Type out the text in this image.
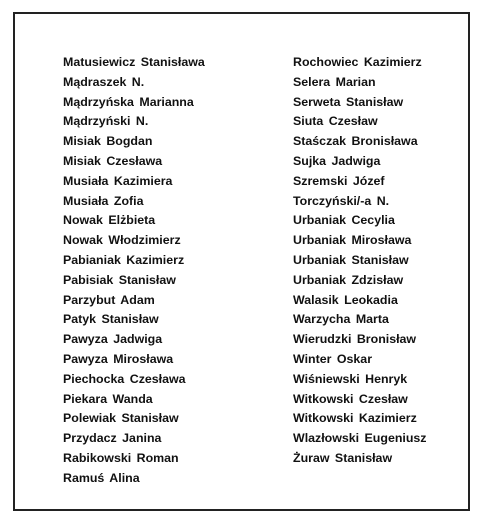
Matusiewicz Stanisława
Mądraszek N.
Mądrzyńska Marianna
Mądrzyński N.
Misiak Bogdan
Misiak Czesława
Musiała Kazimiera
Musiała Zofia
Nowak Elżbieta
Nowak Włodzimierz
Pabianiak Kazimierz
Pabisiak Stanisław
Parzybut Adam
Patyk Stanisław
Pawyza Jadwiga
Pawyza Mirosława
Piechocka Czesława
Piekara Wanda
Polewiak Stanisław
Przydacz Janina
Rabikowski Roman
Ramuś Alina
Rochowiec Kazimierz
Selera Marian
Serweta Stanisław
Siuta Czesław
Staśczak Bronisława
Sujka Jadwiga
Szremski Józef
Torczyński/-a N.
Urbaniak Cecylia
Urbaniak Mirosława
Urbaniak Stanisław
Urbaniak Zdzisław
Walasik Leokadia
Warzycha Marta
Wierudzki Bronisław
Winter Oskar
Wiśniewski Henryk
Witkowski Czesław
Witkowski Kazimierz
Wlazłowski Eugeniusz
Żuraw Stanisław
